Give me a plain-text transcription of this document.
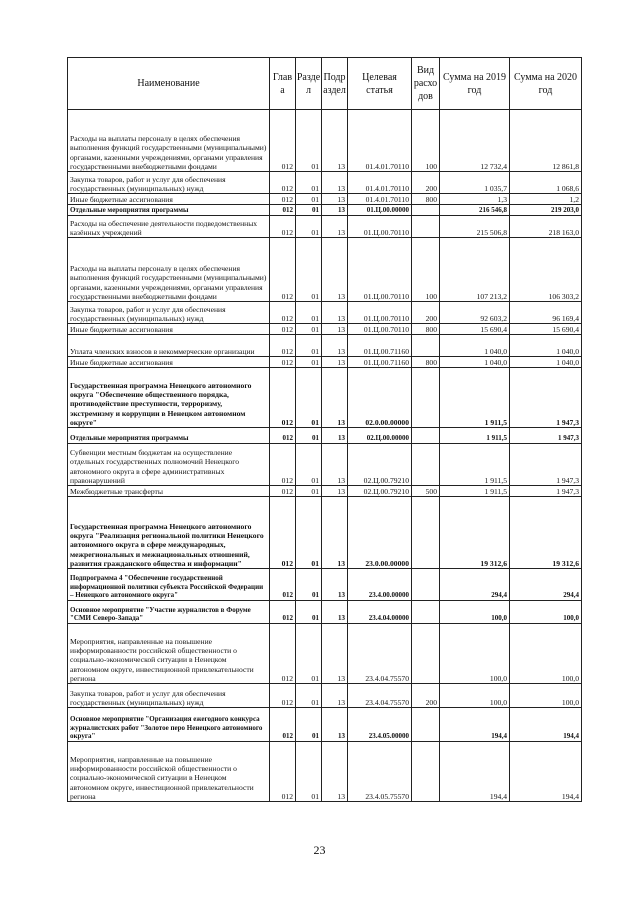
Наименование	Глав а	Разде л	Подр аздел	Целевая статья	Вид расхо дов	Сумма на 2019 год	Сумма на 2020 год
Расходы на выплаты персоналу в целях обеспечения выполнения функций государственными (муниципальными) органами, казенными учреждениями, органами управления государственными внебюджетными фондами	012	01	13	01.4.01.70110	100	12 732,4	12 861,8
Закупка товаров, работ и услуг для обеспечения государственных (муниципальных) нужд	012	01	13	01.4.01.70110	200	1 035,7	1 068,6
Иные бюджетные ассигнования	012	01	13	01.4.01.70110	800	1,3	1,2
Отдельные мероприятия программы	012	01	13	01.Ц.00.00000		216 546,8	219 203,0
Расходы на обеспечение деятельности подведомственных казённых учреждений	012	01	13	01.Ц.00.70110		215 506,8	218 163,0
Расходы на выплаты персоналу в целях обеспечения выполнения функций государственными (муниципальными) органами, казенными учреждениями, органами управления государственными внебюджетными фондами	012	01	13	01.Ц.00.70110	100	107 213,2	106 303,2
Закупка товаров, работ и услуг для обеспечения государственных (муниципальных) нужд	012	01	13	01.Ц.00.70110	200	92 603,2	96 169,4
Иные бюджетные ассигнования	012	01	13	01.Ц.00.70110	800	15 690,4	15 690,4
Уплата членских взносов в некоммерческие организации	012	01	13	01.Ц.00.71160		1 040,0	1 040,0
Иные бюджетные ассигнования	012	01	13	01.Ц.00.71160	800	1 040,0	1 040,0
Государственная программа Ненецкого автономного округа "Обеспечение общественного порядка, противодействие преступности, терроризму, экстремизму и коррупции в Ненецком автономном округе"	012	01	13	02.0.00.00000		1 911,5	1 947,3
Отдельные мероприятия программы	012	01	13	02.Ц.00.00000		1 911,5	1 947,3
Субвенции местным бюджетам на осуществление отдельных государственных полномочий Ненецкого автономного округа в сфере административных правонарушений	012	01	13	02.Ц.00.79210		1 911,5	1 947,3
Межбюджетные трансферты	012	01	13	02.Ц.00.79210	500	1 911,5	1 947,3
Государственная программа Ненецкого автономного округа "Реализация региональной политики Ненецкого автономного округа в сфере международных, межрегиональных и межнациональных отношений, развития гражданского общества и информации"	012	01	13	23.0.00.00000		19 312,6	19 312,6
Подпрограмма 4 "Обеспечение государственной информационной политики субъекта Российской Федерации – Ненецкого автономного округа"	012	01	13	23.4.00.00000		294,4	294,4
Основное мероприятие "Участие журналистов в Форуме "СМИ Северо-Запада"	012	01	13	23.4.04.00000		100,0	100,0
Мероприятия, направленные на повышение информированности российской общественности о социально-экономической ситуации в Ненецком автономном округе, инвестиционной привлекательности региона	012	01	13	23.4.04.75570		100,0	100,0
Закупка товаров, работ и услуг для обеспечения государственных (муниципальных) нужд	012	01	13	23.4.04.75570	200	100,0	100,0
Основное мероприятие "Организация ежегодного конкурса журналистских работ "Золотое перо Ненецкого автономного округа"	012	01	13	23.4.05.00000		194,4	194,4
Мероприятия, направленные на повышение информированности российской общественности о социально-экономической ситуации в Ненецком автономном округе, инвестиционной привлекательности региона	012	01	13	23.4.05.75570		194,4	194,4
23
